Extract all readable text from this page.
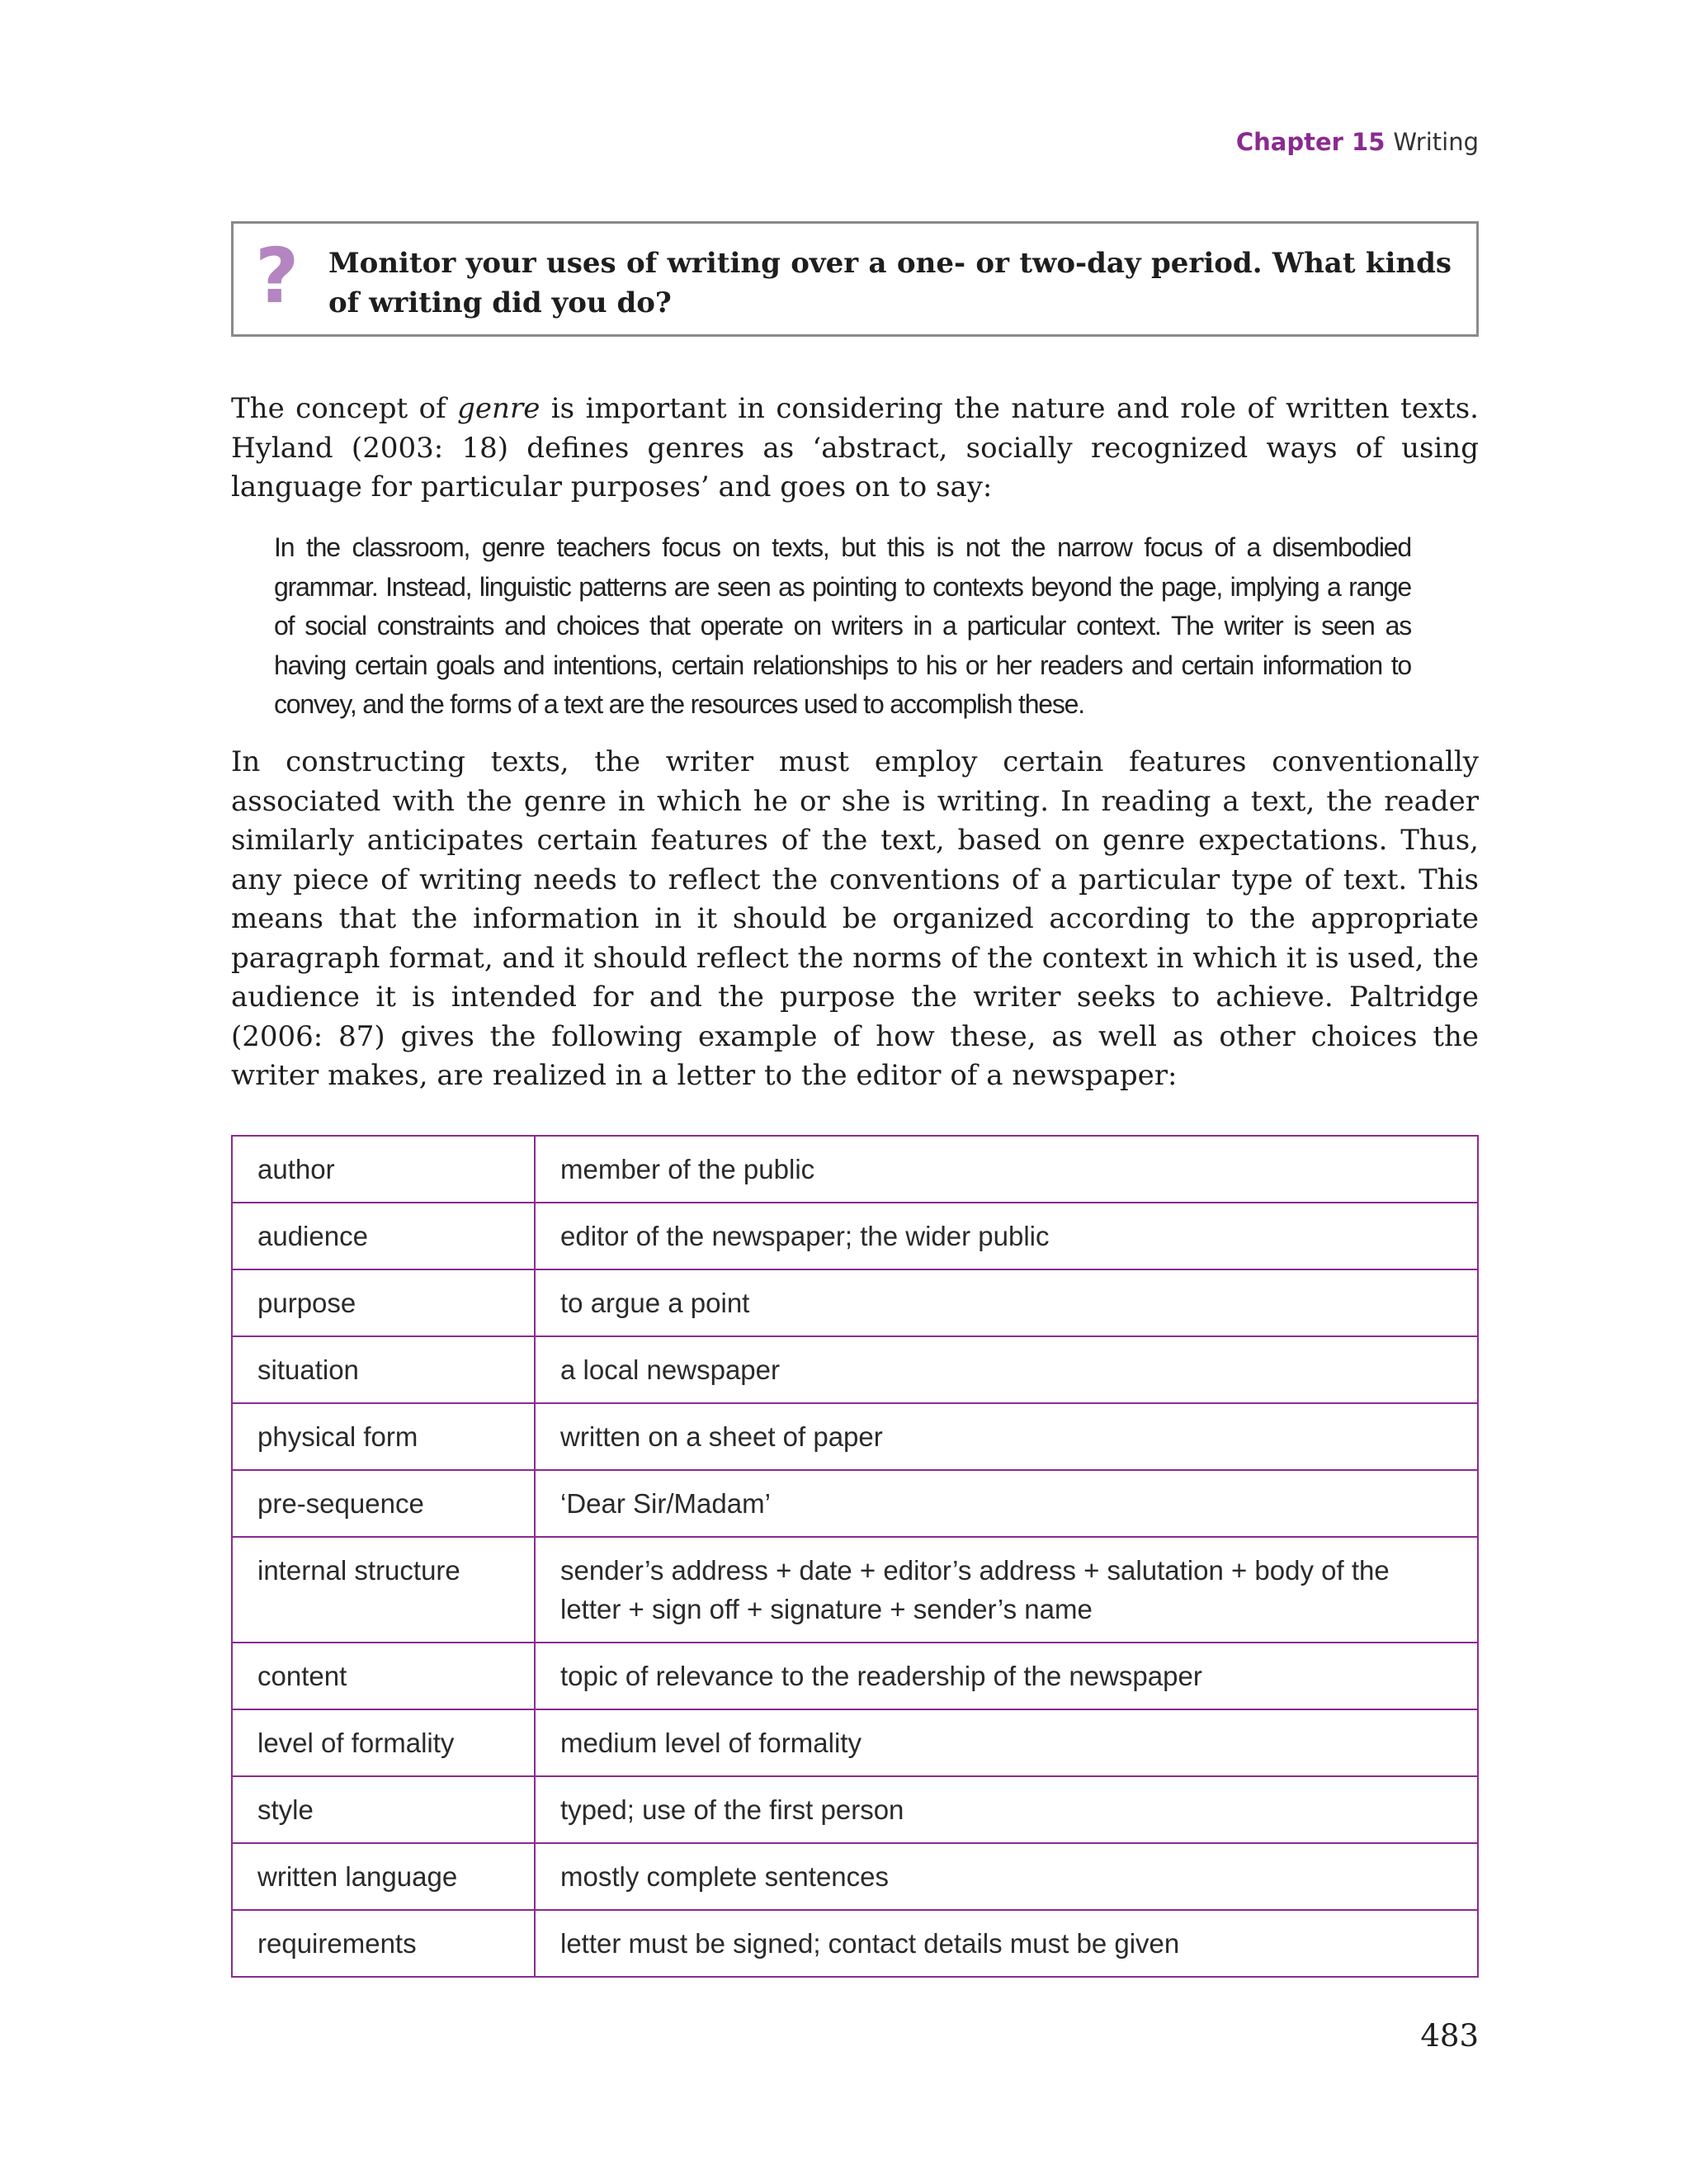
Chapter 15 Writing
? Monitor your uses of writing over a one- or two-day period. What kinds of writing did you do?
The concept of genre is important in considering the nature and role of written texts. Hyland (2003: 18) defines genres as ‘abstract, socially recognized ways of using language for particular purposes’ and goes on to say:
In the classroom, genre teachers focus on texts, but this is not the narrow focus of a disembodied grammar. Instead, linguistic patterns are seen as pointing to contexts beyond the page, implying a range of social constraints and choices that operate on writers in a particular context. The writer is seen as having certain goals and intentions, certain relationships to his or her readers and certain information to convey, and the forms of a text are the resources used to accomplish these.
In constructing texts, the writer must employ certain features conventionally associated with the genre in which he or she is writing. In reading a text, the reader similarly anticipates certain features of the text, based on genre expectations. Thus, any piece of writing needs to reflect the conventions of a particular type of text. This means that the information in it should be organized according to the appropriate paragraph format, and it should reflect the norms of the context in which it is used, the audience it is intended for and the purpose the writer seeks to achieve. Paltridge (2006: 87) gives the following example of how these, as well as other choices the writer makes, are realized in a letter to the editor of a newspaper:
author	member of the public
audience	editor of the newspaper; the wider public
purpose	to argue a point
situation	a local newspaper
physical form	written on a sheet of paper
pre-sequence	‘Dear Sir/Madam’
internal structure	sender’s address + date + editor’s address + salutation + body of the letter + sign off + signature + sender’s name
content	topic of relevance to the readership of the newspaper
level of formality	medium level of formality
style	typed; use of the first person
written language	mostly complete sentences
requirements	letter must be signed; contact details must be given
483
